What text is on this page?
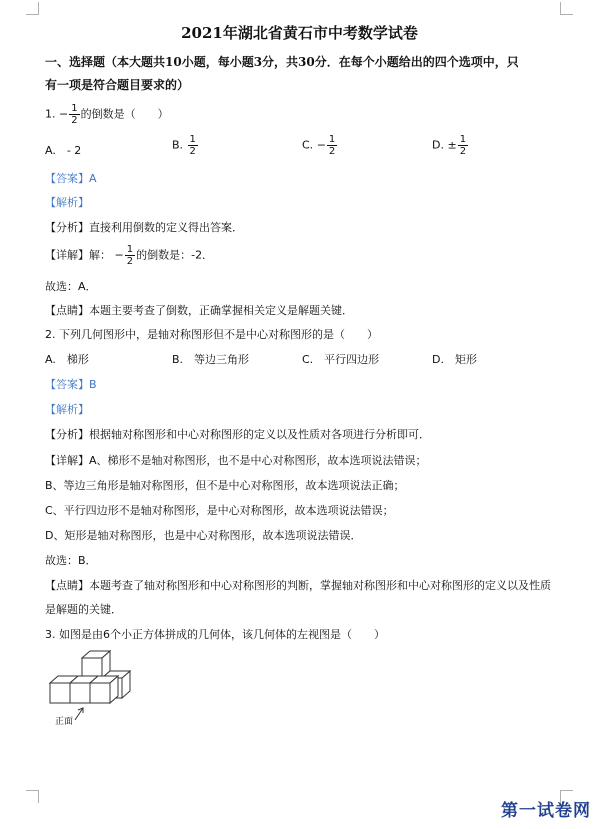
2021年湖北省黄石市中考数学试卷
一、选择题（本大题共10小题，每小题3分，共30分．在每个小题给出的四个选项中，只
有一项是符合题目要求的）
1. − $\frac{1}{2}$ 的倒数是（　　）
A.　- 2	B. $\frac{1}{2}$	C. − $\frac{1}{2}$	D. ± $\frac{1}{2}$
【答案】A
【解析】
【分析】直接利用倒数的定义得出答案．
【详解】解： − $\frac{1}{2}$ 的倒数是：-2．
故选：A．
【点睛】本题主要考查了倒数，正确掌握相关定义是解题关键．
2. 下列几何图形中，是轴对称图形但不是中心对称图形的是（　　）
A.　梯形	B.　等边三角形	C.　平行四边形	D.　矩形
【答案】B
【解析】
【分析】根据轴对称图形和中心对称图形的定义以及性质对各项进行分析即可．
【详解】A、梯形不是轴对称图形，也不是中心对称图形，故本选项说法错误；
B、等边三角形是轴对称图形，但不是中心对称图形，故本选项说法正确；
C、平行四边形不是轴对称图形，是中心对称图形，故本选项说法错误；
D、矩形是轴对称图形，也是中心对称图形，故本选项说法错误．
故选：B．
【点睛】本题考查了轴对称图形和中心对称图形的判断，掌握轴对称图形和中心对称图形的定义以及性质
是解题的关键．
3. 如图是由6个小正方体拼成的几何体，该几何体的左视图是（　　）
正面
第一试卷网
